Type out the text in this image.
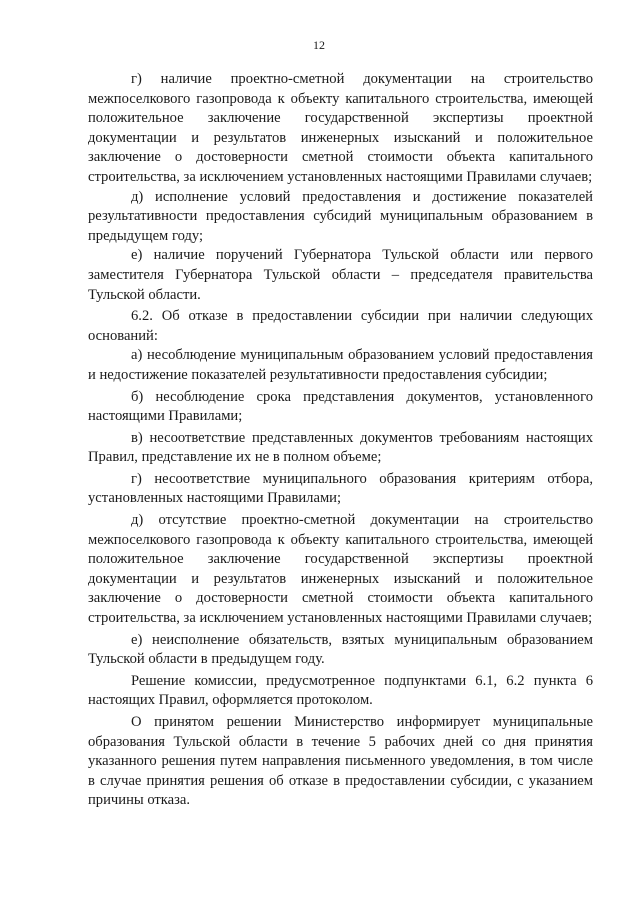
12

г) наличие проектно-сметной документации на строительство межпоселкового газопровода к объекту капитального строительства, имеющей положительное заключение государственной экспертизы проектной документации и результатов инженерных изысканий и положительное заключение о достоверности сметной стоимости объекта капитального строительства, за исключением установленных настоящими Правилами случаев;

д) исполнение условий предоставления и достижение показателей результативности предоставления субсидий муниципальным образованием в предыдущем году;

е) наличие поручений Губернатора Тульской области или первого заместителя Губернатора Тульской области – председателя правительства Тульской области.

6.2. Об отказе в предоставлении субсидии при наличии следующих оснований:

а) несоблюдение муниципальным образованием условий предоставления и недостижение показателей результативности предоставления субсидии;

б) несоблюдение срока представления документов, установленного настоящими Правилами;

в) несоответствие представленных документов требованиям настоящих Правил, представление их не в полном объеме;

г) несоответствие муниципального образования критериям отбора, установленных настоящими Правилами;

д) отсутствие проектно-сметной документации на строительство межпоселкового газопровода к объекту капитального строительства, имеющей положительное заключение государственной экспертизы проектной документации и результатов инженерных изысканий и положительное заключение о достоверности сметной стоимости объекта капитального строительства, за исключением установленных настоящими Правилами случаев;

е) неисполнение обязательств, взятых муниципальным образованием Тульской области в предыдущем году.

Решение комиссии, предусмотренное подпунктами 6.1, 6.2 пункта 6 настоящих Правил, оформляется протоколом.

О принятом решении Министерство информирует муниципальные образования Тульской области в течение 5 рабочих дней со дня принятия указанного решения путем направления письменного уведомления, в том числе в случае принятия решения об отказе в предоставлении субсидии, с указанием причины отказа.
